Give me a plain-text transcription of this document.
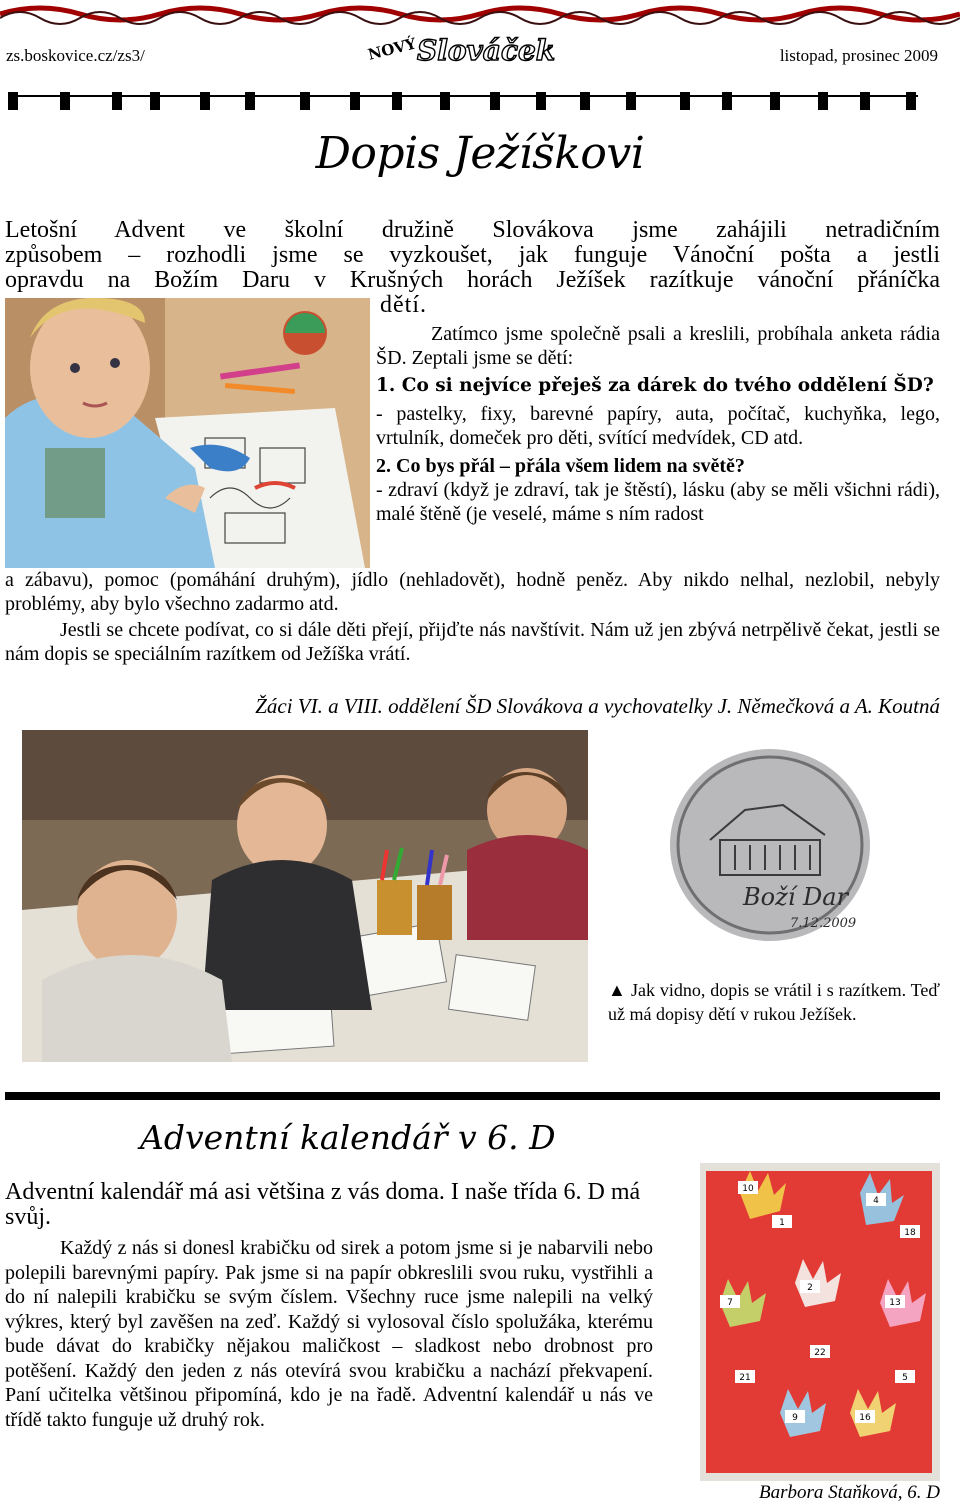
zs.boskovice.cz/zs3/	listopad, prosinec 2009
NOVÝ Slováček
Dopis Ježíškovi
Letošní Advent ve školní družině Slovákova jsme zahájili netradičním
způsobem – rozhodli jsme se vyzkoušet, jak funguje Vánoční pošta a jestli
opravdu na Božím Daru v Krušných horách Ježíšek razítkuje vánoční přáníčka

Zatímco jsme společně psali a kreslili, probíhala anketa rádia ŠD. Zeptali jsme se dětí:

1. Co si nejvíce přeješ za dárek do tvého oddělení ŠD?

- pastelky, fixy, barevné papíry, auta, počítač, kuchyňka, lego, vrtulník, domeček pro děti, svítící medvídek, CD atd.

2. Co bys přál – přála všem lidem na světě?

- zdraví (když je zdraví, tak je štěstí), lásku (aby se měli všichni rádi), malé štěně (je veselé, máme s ním radost

a zábavu), pomoc (pomáhání druhým), jídlo (nehladovět), hodně peněz. Aby nikdo nelhal, nezlobil, nebyly problémy, aby bylo všechno zadarmo atd.
Jestli se chcete podívat, co si dále děti přejí, přijďte nás navštívit. Nám už jen zbývá netrpělivě čekat, jestli se nám dopis se speciálním razítkem od Ježíška vrátí.
Žáci VI. a VIII. oddělení ŠD Slovákova a vychovatelky J. Němečková a A. Koutná
Boží Dar
7.12.2009
▲ Jak vidno, dopis se vrátil i s razítkem. Teď už má dopisy dětí v rukou Ježíšek.
Adventní kalendář v 6. D
Adventní kalendář má asi většina z vás doma. I naše třída 6. D má svůj.
Každý z nás si donesl krabičku od sirek a potom jsme si je nabarvili nebo polepili barevnými papíry. Pak jsme si na papír obkreslili svou ruku, vystřihli a do ní nalepili krabičku se svým číslem. Všechny ruce jsme nalepili na velký výkres, který byl zavěšen na zeď. Každý si vylosoval číslo spolužáka, kterému bude dávat do krabičky nějakou maličkost – sladkost nebo drobnost pro potěšení. Každý den jeden z nás otevírá svou krabičku a nachází překvapení. Paní učitelka většinou připomíná, kdo je na řadě. Adventní kalendář u nás ve třídě takto funguje už druhý rok.
10
22
4
1
18
7	13
2
9	16
21	5
Barbora Staňková, 6. D
dětí.
